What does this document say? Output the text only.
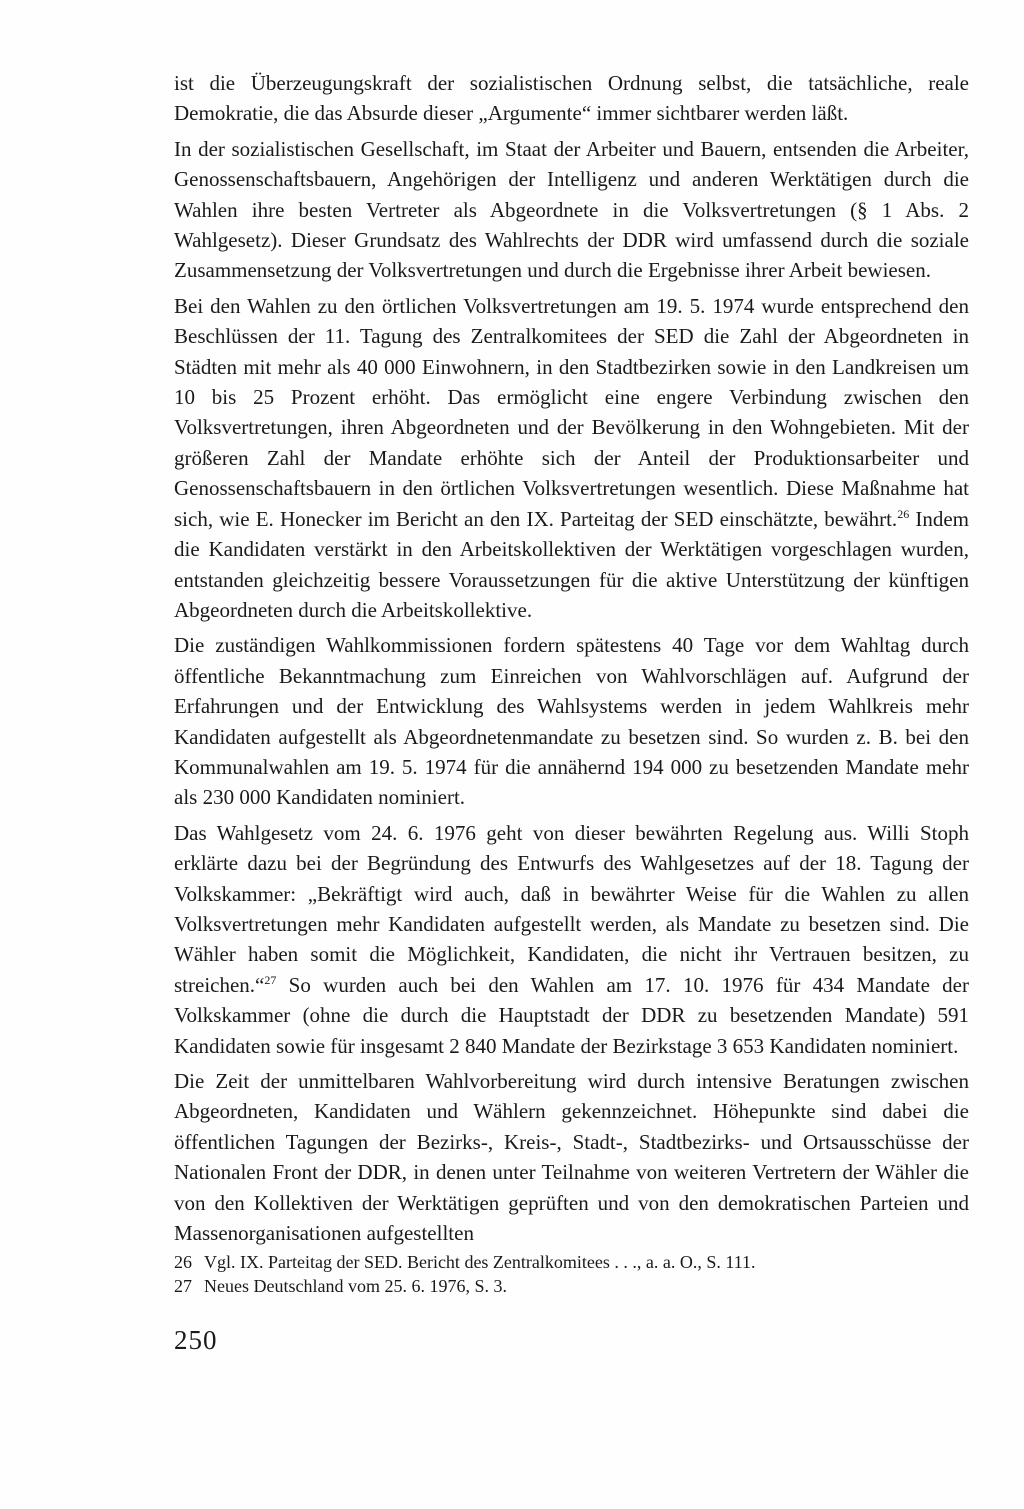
ist die Überzeugungskraft der sozialistischen Ordnung selbst, die tatsächliche, reale Demokratie, die das Absurde dieser „Argumente“ immer sichtbarer werden läßt.

In der sozialistischen Gesellschaft, im Staat der Arbeiter und Bauern, entsenden die Arbeiter, Genossenschaftsbauern, Angehörigen der Intelligenz und anderen Werktätigen durch die Wahlen ihre besten Vertreter als Abgeordnete in die Volksvertretungen (§ 1 Abs. 2 Wahlgesetz). Dieser Grundsatz des Wahlrechts der DDR wird umfassend durch die soziale Zusammensetzung der Volksvertretungen und durch die Ergebnisse ihrer Arbeit bewiesen.

Bei den Wahlen zu den örtlichen Volksvertretungen am 19. 5. 1974 wurde entsprechend den Beschlüssen der 11. Tagung des Zentralkomitees der SED die Zahl der Abgeordneten in Städten mit mehr als 40 000 Einwohnern, in den Stadtbezirken sowie in den Landkreisen um 10 bis 25 Prozent erhöht. Das ermöglicht eine engere Verbindung zwischen den Volksvertretungen, ihren Abgeordneten und der Bevölkerung in den Wohngebieten. Mit der größeren Zahl der Mandate erhöhte sich der Anteil der Produktionsarbeiter und Genossenschaftsbauern in den örtlichen Volksvertretungen wesentlich. Diese Maßnahme hat sich, wie E. Honecker im Bericht an den IX. Parteitag der SED einschätzte, bewährt.$^{26}$ Indem die Kandidaten verstärkt in den Arbeitskollektiven der Werktätigen vorgeschlagen wurden, entstanden gleichzeitig bessere Voraussetzungen für die aktive Unterstützung der künftigen Abgeordneten durch die Arbeitskollektive.

Die zuständigen Wahlkommissionen fordern spätestens 40 Tage vor dem Wahltag durch öffentliche Bekanntmachung zum Einreichen von Wahlvorschlägen auf. Aufgrund der Erfahrungen und der Entwicklung des Wahlsystems werden in jedem Wahlkreis mehr Kandidaten aufgestellt als Abgeordnetenmandate zu besetzen sind. So wurden z. B. bei den Kommunalwahlen am 19. 5. 1974 für die annähernd 194 000 zu besetzenden Mandate mehr als 230 000 Kandidaten nominiert.

Das Wahlgesetz vom 24. 6. 1976 geht von dieser bewährten Regelung aus. Willi Stoph erklärte dazu bei der Begründung des Entwurfs des Wahlgesetzes auf der 18. Tagung der Volkskammer: „Bekräftigt wird auch, daß in bewährter Weise für die Wahlen zu allen Volksvertretungen mehr Kandidaten aufgestellt werden, als Mandate zu besetzen sind. Die Wähler haben somit die Möglichkeit, Kandidaten, die nicht ihr Vertrauen besitzen, zu streichen.“$^{27}$ So wurden auch bei den Wahlen am 17. 10. 1976 für 434 Mandate der Volkskammer (ohne die durch die Hauptstadt der DDR zu besetzenden Mandate) 591 Kandidaten sowie für insgesamt 2 840 Mandate der Bezirkstage 3 653 Kandidaten nominiert.

Die Zeit der unmittelbaren Wahlvorbereitung wird durch intensive Beratungen zwischen Abgeordneten, Kandidaten und Wählern gekennzeichnet. Höhepunkte sind dabei die öffentlichen Tagungen der Bezirks-, Kreis-, Stadt-, Stadtbezirks- und Ortsausschüsse der Nationalen Front der DDR, in denen unter Teilnahme von weiteren Vertretern der Wähler die von den Kollektiven der Werktätigen geprüften und von den demokratischen Parteien und Massenorganisationen aufgestellten

26 Vgl. IX. Parteitag der SED. Bericht des Zentralkomitees . . ., a. a. O., S. 111.

27 Neues Deutschland vom 25. 6. 1976, S. 3.

250
